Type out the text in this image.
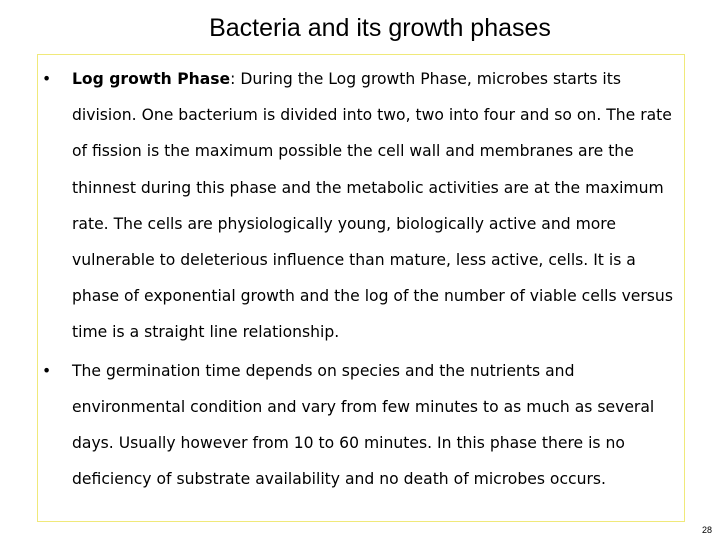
Bacteria and its growth phases
• Log growth Phase: During the Log growth Phase, microbes starts its division. One bacterium is divided into two, two into four and so on. The rate of fission is the maximum possible the cell wall and membranes are the thinnest during this phase and the metabolic activities are at the maximum rate. The cells are physiologically young, biologically active and more vulnerable to deleterious influence than mature, less active, cells. It is a phase of exponential growth and the log of the number of viable cells versus time is a straight line relationship.
• The germination time depends on species and the nutrients and environmental condition and vary from few minutes to as much as several days. Usually however from 10 to 60 minutes. In this phase there is no deficiency of substrate availability and no death of microbes occurs.
28
